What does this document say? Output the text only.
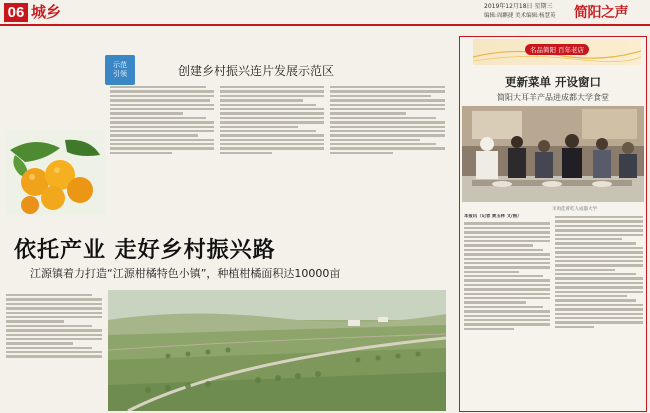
06 城乡	2019年12月18日 星期三
编辑:周麒捷 美术编辑:杨慧英 简阳之声
示范
引领	创建乡村振兴连片发展示范区
依托产业 走好乡村振兴路
江源镇着力打造“江源柑橘特色小镇”，种植柑橘面积达10000亩
名品简阳 百年老店
更新菜单 开设窗口
简阳大耳羊产品进成都大学食堂
羊肉佳肴吃人成都大学
本报讯（记者 黄玉林 文/图）
